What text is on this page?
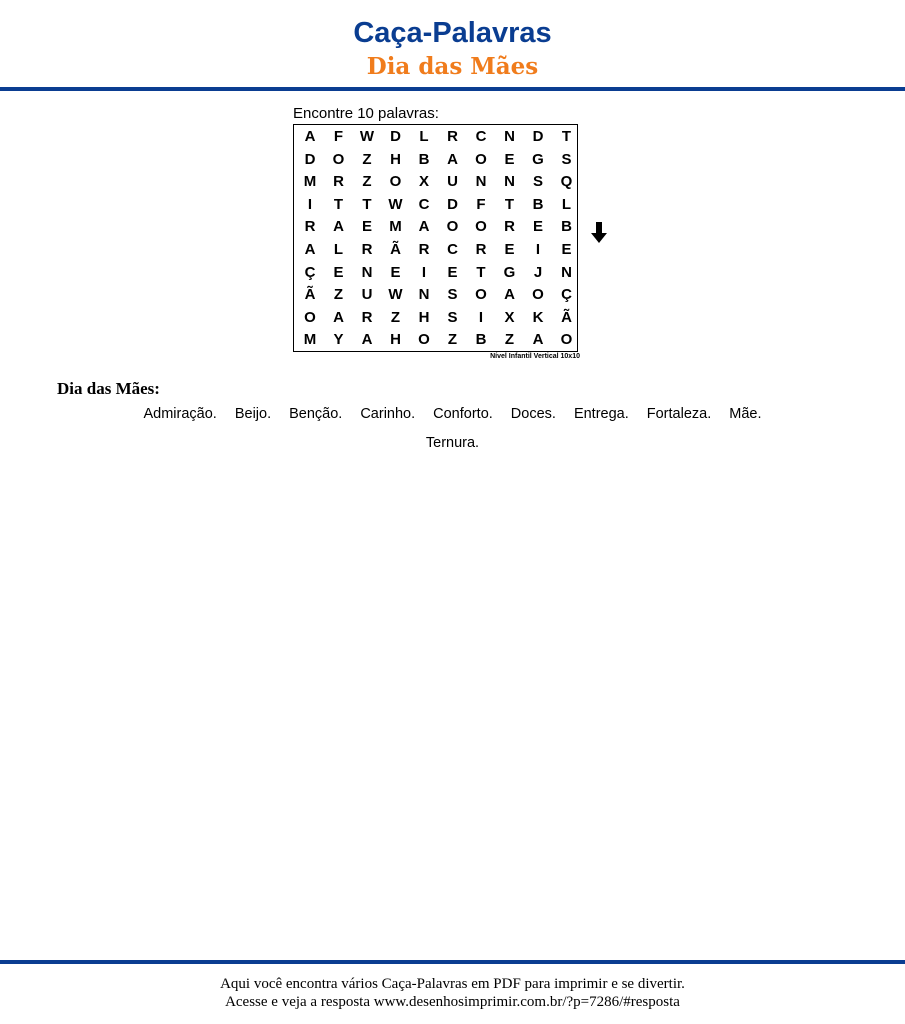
Caça-Palavras
Dia das Mães
Encontre 10 palavras:
A	F	W	D	L	R	C	N	D	T
D	O	Z	H	B	A	O	E	G	S
M	R	Z	O	X	U	N	N	S	Q
I	T	T	W	C	D	F	T	B	L
R	A	E	M	A	O	O	R	E	B
A	L	R	Ã	R	C	R	E	I	E
Ç	E	N	E	I	E	T	G	J	N
Ã	Z	U	W	N	S	O	A	O	Ç
O	A	R	Z	H	S	I	X	K	Ã
M	Y	A	H	O	Z	B	Z	A	O
Nível Infantil Vertical 10x10
Dia das Mães:
Admiração. Beijo. Benção. Carinho. Conforto. Doces. Entrega. Fortaleza. Mãe.
Ternura.
Aqui você encontra vários Caça-Palavras em PDF para imprimir e se divertir.
Acesse e veja a resposta www.desenhosimprimir.com.br/?p=7286/#resposta
